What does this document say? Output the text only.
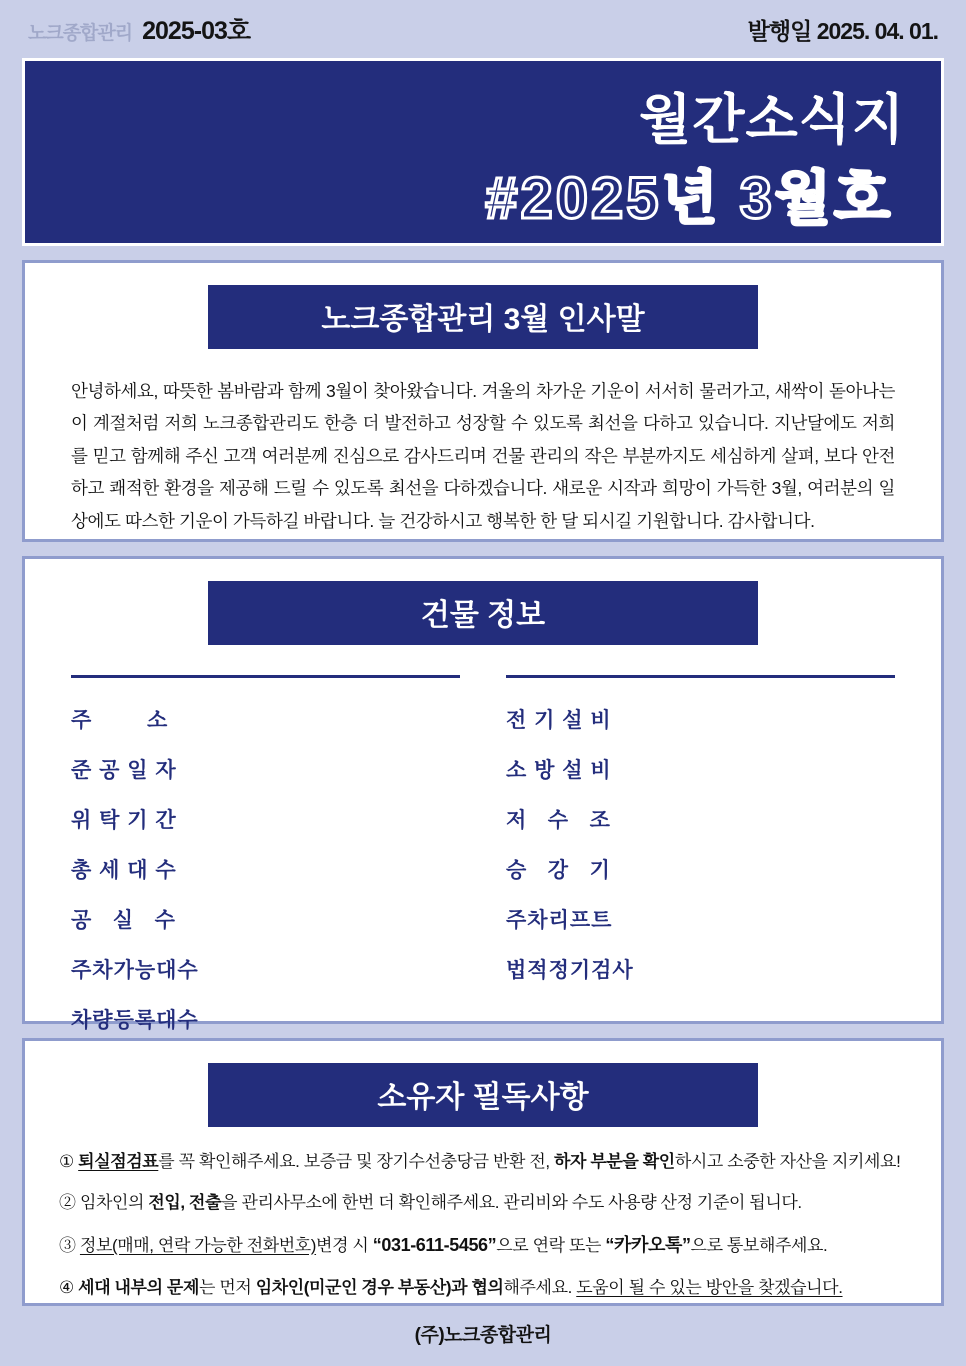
노크종합관리 2025-03호	발행일 2025. 04. 01.
월간소식지
#2025년 3월호
노크종합관리 3월 인사말
안녕하세요, 따뜻한 봄바람과 함께 3월이 찾아왔습니다. 겨울의 차가운 기운이 서서히 물러가고, 새싹이 돋아나는 이 계절처럼 저희 노크종합관리도 한층 더 발전하고 성장할 수 있도록 최선을 다하고 있습니다. 지난달에도 저희를 믿고 함께해 주신 고객 여러분께 진심으로 감사드리며 건물 관리의 작은 부분까지도 세심하게 살펴, 보다 안전하고 쾌적한 환경을 제공해 드릴 수 있도록 최선을 다하겠습니다. 새로운 시작과 희망이 가득한 3월, 여러분의 일상에도 따스한 기운이 가득하길 바랍니다. 늘 건강하시고 행복한 한 달 되시길 기원합니다. 감사합니다.
건물 정보
주        소
준 공 일 자
위 탁 기 간
총 세 대 수
공   실   수
주차가능대수
차량등록대수
전 기 설 비
소 방 설 비
저   수   조
승   강   기
주차리프트
법적정기검사
소유자 필독사항
① 퇴실점검표를 꼭 확인해주세요. 보증금 및 장기수선충당금 반환 전, 하자 부분을 확인하시고 소중한 자산을 지키세요!
② 임차인의 전입, 전출을 관리사무소에 한번 더 확인해주세요. 관리비와 수도 사용량 산정 기준이 됩니다.
③ 정보(매매, 연락 가능한 전화번호)변경 시 “031-611-5456”으로 연락 또는 “카카오톡”으로 통보해주세요.
④ 세대 내부의 문제는 먼저 임차인(미군인 경우 부동산)과 협의해주세요. 도움이 될 수 있는 방안을 찾겠습니다.
(주)노크종합관리
